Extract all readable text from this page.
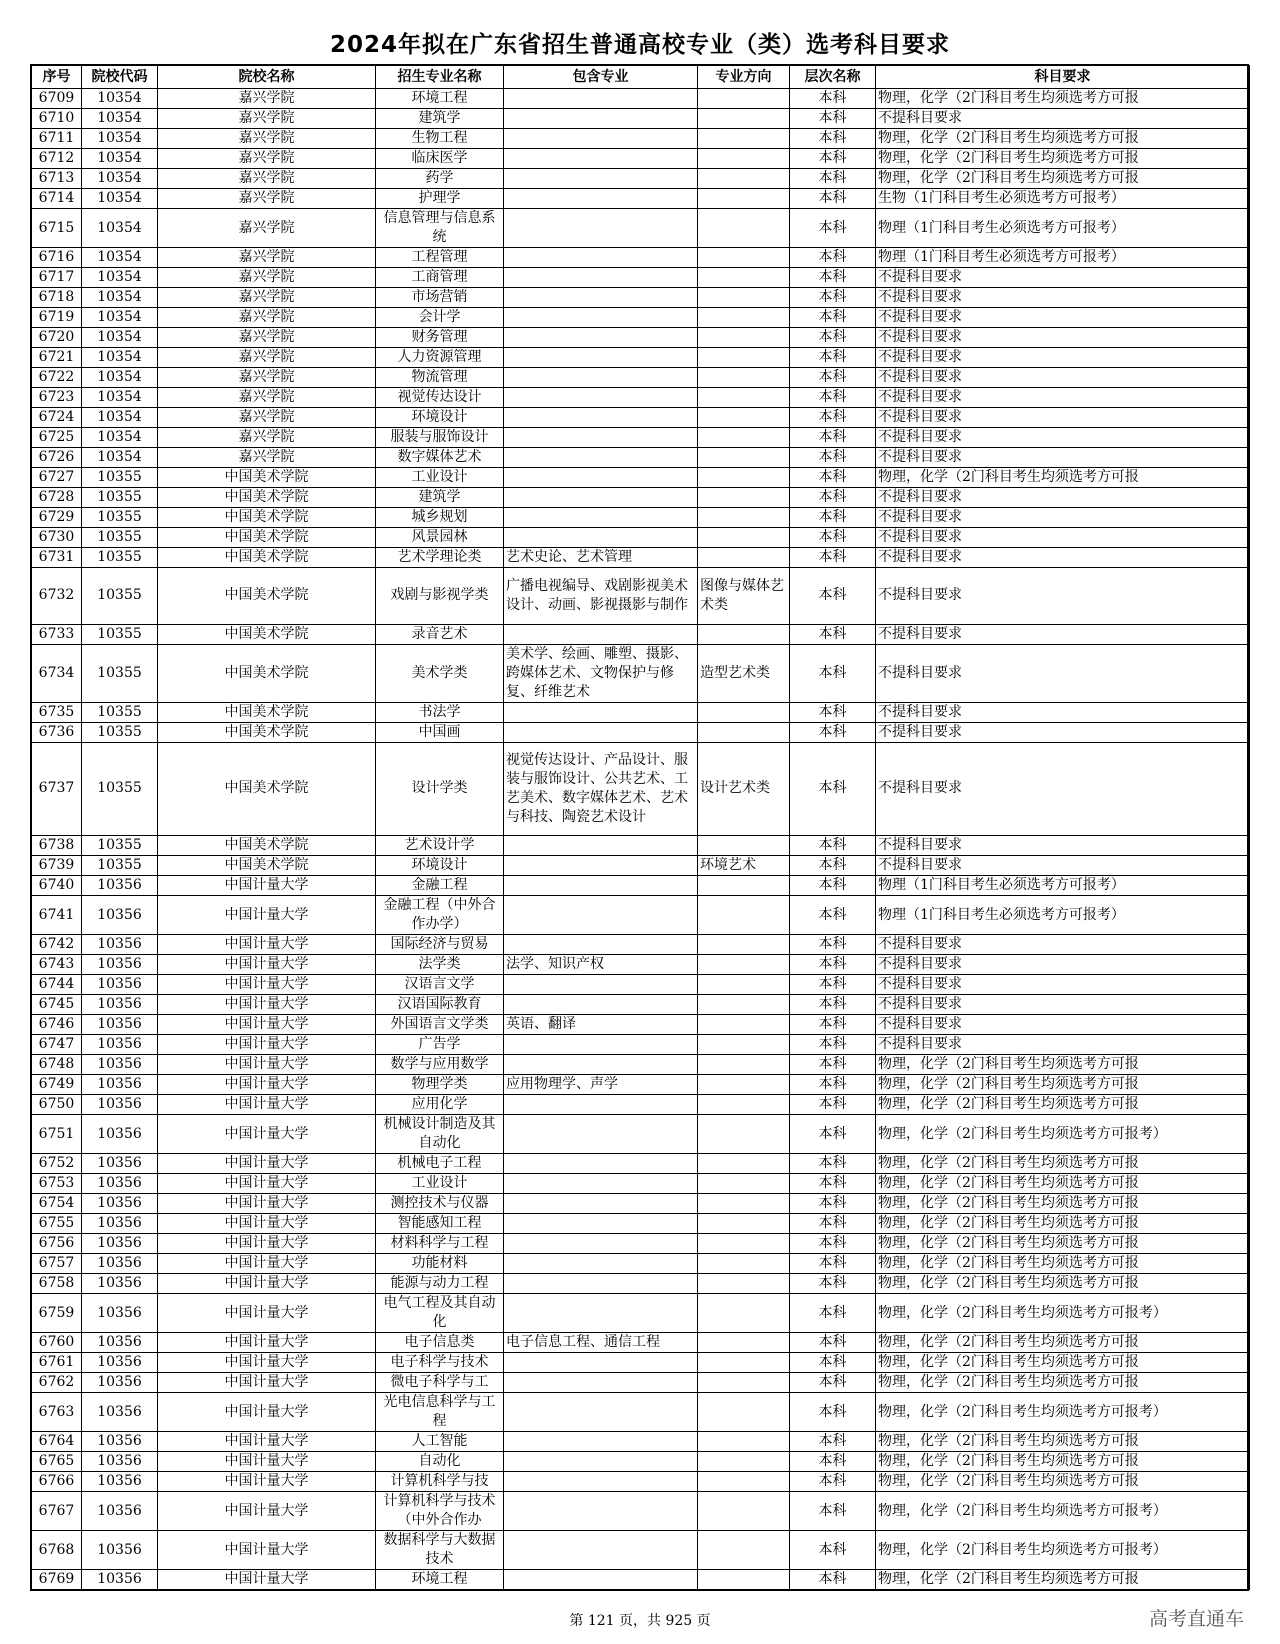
2024年拟在广东省招生普通高校专业（类）选考科目要求
序号	院校代码	院校名称	招生专业名称	包含专业	专业方向	层次名称	科目要求
6709	10354	嘉兴学院	环境工程			本科	物理，化学（2门科目考生均须选考方可报
6710	10354	嘉兴学院	建筑学			本科	不提科目要求
6711	10354	嘉兴学院	生物工程			本科	物理，化学（2门科目考生均须选考方可报
6712	10354	嘉兴学院	临床医学			本科	物理，化学（2门科目考生均须选考方可报
6713	10354	嘉兴学院	药学			本科	物理，化学（2门科目考生均须选考方可报
6714	10354	嘉兴学院	护理学			本科	生物（1门科目考生必须选考方可报考）
6715	10354	嘉兴学院	信息管理与信息系统			本科	物理（1门科目考生必须选考方可报考）
6716	10354	嘉兴学院	工程管理			本科	物理（1门科目考生必须选考方可报考）
6717	10354	嘉兴学院	工商管理			本科	不提科目要求
6718	10354	嘉兴学院	市场营销			本科	不提科目要求
6719	10354	嘉兴学院	会计学			本科	不提科目要求
6720	10354	嘉兴学院	财务管理			本科	不提科目要求
6721	10354	嘉兴学院	人力资源管理			本科	不提科目要求
6722	10354	嘉兴学院	物流管理			本科	不提科目要求
6723	10354	嘉兴学院	视觉传达设计			本科	不提科目要求
6724	10354	嘉兴学院	环境设计			本科	不提科目要求
6725	10354	嘉兴学院	服装与服饰设计			本科	不提科目要求
6726	10354	嘉兴学院	数字媒体艺术			本科	不提科目要求
6727	10355	中国美术学院	工业设计			本科	物理，化学（2门科目考生均须选考方可报
6728	10355	中国美术学院	建筑学			本科	不提科目要求
6729	10355	中国美术学院	城乡规划			本科	不提科目要求
6730	10355	中国美术学院	风景园林			本科	不提科目要求
6731	10355	中国美术学院	艺术学理论类	艺术史论、艺术管理		本科	不提科目要求
6732	10355	中国美术学院	戏剧与影视学类	广播电视编导、戏剧影视美术设计、动画、影视摄影与制作	图像与媒体艺术类	本科	不提科目要求
6733	10355	中国美术学院	录音艺术			本科	不提科目要求
6734	10355	中国美术学院	美术学类	美术学、绘画、雕塑、摄影、跨媒体艺术、文物保护与修复、纤维艺术	造型艺术类	本科	不提科目要求
6735	10355	中国美术学院	书法学			本科	不提科目要求
6736	10355	中国美术学院	中国画			本科	不提科目要求
6737	10355	中国美术学院	设计学类	视觉传达设计、产品设计、服装与服饰设计、公共艺术、工艺美术、数字媒体艺术、艺术与科技、陶瓷艺术设计	设计艺术类	本科	不提科目要求
6738	10355	中国美术学院	艺术设计学			本科	不提科目要求
6739	10355	中国美术学院	环境设计		环境艺术	本科	不提科目要求
6740	10356	中国计量大学	金融工程			本科	物理（1门科目考生必须选考方可报考）
6741	10356	中国计量大学	金融工程（中外合作办学）			本科	物理（1门科目考生必须选考方可报考）
6742	10356	中国计量大学	国际经济与贸易			本科	不提科目要求
6743	10356	中国计量大学	法学类	法学、知识产权		本科	不提科目要求
6744	10356	中国计量大学	汉语言文学			本科	不提科目要求
6745	10356	中国计量大学	汉语国际教育			本科	不提科目要求
6746	10356	中国计量大学	外国语言文学类	英语、翻译		本科	不提科目要求
6747	10356	中国计量大学	广告学			本科	不提科目要求
6748	10356	中国计量大学	数学与应用数学			本科	物理，化学（2门科目考生均须选考方可报
6749	10356	中国计量大学	物理学类	应用物理学、声学		本科	物理，化学（2门科目考生均须选考方可报
6750	10356	中国计量大学	应用化学			本科	物理，化学（2门科目考生均须选考方可报
6751	10356	中国计量大学	机械设计制造及其自动化			本科	物理，化学（2门科目考生均须选考方可报考）
6752	10356	中国计量大学	机械电子工程			本科	物理，化学（2门科目考生均须选考方可报
6753	10356	中国计量大学	工业设计			本科	物理，化学（2门科目考生均须选考方可报
6754	10356	中国计量大学	测控技术与仪器			本科	物理，化学（2门科目考生均须选考方可报
6755	10356	中国计量大学	智能感知工程			本科	物理，化学（2门科目考生均须选考方可报
6756	10356	中国计量大学	材料科学与工程			本科	物理，化学（2门科目考生均须选考方可报
6757	10356	中国计量大学	功能材料			本科	物理，化学（2门科目考生均须选考方可报
6758	10356	中国计量大学	能源与动力工程			本科	物理，化学（2门科目考生均须选考方可报
6759	10356	中国计量大学	电气工程及其自动化			本科	物理，化学（2门科目考生均须选考方可报考）
6760	10356	中国计量大学	电子信息类	电子信息工程、通信工程		本科	物理，化学（2门科目考生均须选考方可报
6761	10356	中国计量大学	电子科学与技术			本科	物理，化学（2门科目考生均须选考方可报
6762	10356	中国计量大学	微电子科学与工			本科	物理，化学（2门科目考生均须选考方可报
6763	10356	中国计量大学	光电信息科学与工程			本科	物理，化学（2门科目考生均须选考方可报考）
6764	10356	中国计量大学	人工智能			本科	物理，化学（2门科目考生均须选考方可报
6765	10356	中国计量大学	自动化			本科	物理，化学（2门科目考生均须选考方可报
6766	10356	中国计量大学	计算机科学与技			本科	物理，化学（2门科目考生均须选考方可报
6767	10356	中国计量大学	计算机科学与技术（中外合作办			本科	物理，化学（2门科目考生均须选考方可报考）
6768	10356	中国计量大学	数据科学与大数据技术			本科	物理，化学（2门科目考生均须选考方可报考）
6769	10356	中国计量大学	环境工程			本科	物理，化学（2门科目考生均须选考方可报
第 121 页，共 925 页	高考直通车
